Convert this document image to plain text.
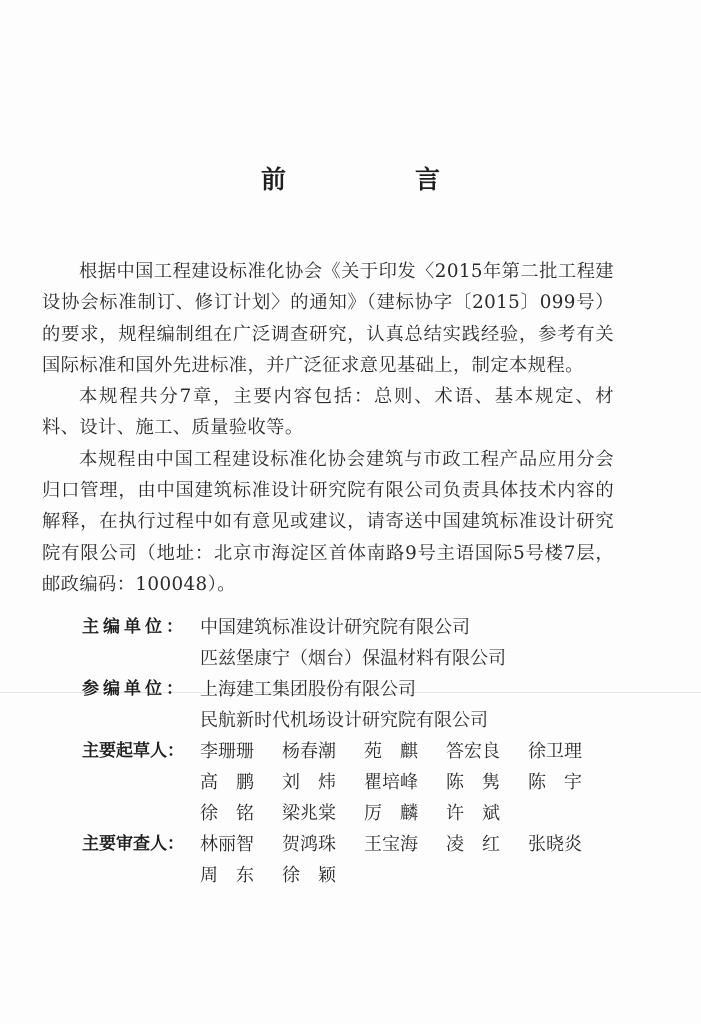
前　言

根据中国工程建设标准化协会《关于印发〈2015年第二批工程建设协会标准制订、修订计划〉的通知》（建标协字〔2015〕099号）的要求，规程编制组在广泛调查研究，认真总结实践经验，参考有关国际标准和国外先进标准，并广泛征求意见基础上，制定本规程。

本规程共分7章，主要内容包括：总则、术语、基本规定、材料、设计、施工、质量验收等。

本规程由中国工程建设标准化协会建筑与市政工程产品应用分会归口管理，由中国建筑标准设计研究院有限公司负责具体技术内容的解释，在执行过程中如有意见或建议，请寄送中国建筑标准设计研究院有限公司（地址：北京市海淀区首体南路9号主语国际5号楼7层，邮政编码：100048）。

主编单位： 中国建筑标准设计研究院有限公司
匹兹堡康宁（烟台）保温材料有限公司
参编单位： 上海建工集团股份有限公司
民航新时代机场设计研究院有限公司
主要起草人： 李珊珊	杨春潮	苑麒 答宏良	徐卫理
高鹏 刘炜 瞿培峰	陈隽 陈宇
徐铭 梁兆棠	厉麟 许斌
主要审查人： 林丽智	贺鸿珠	王宝海	凌红 张晓炎
周东 徐颖
